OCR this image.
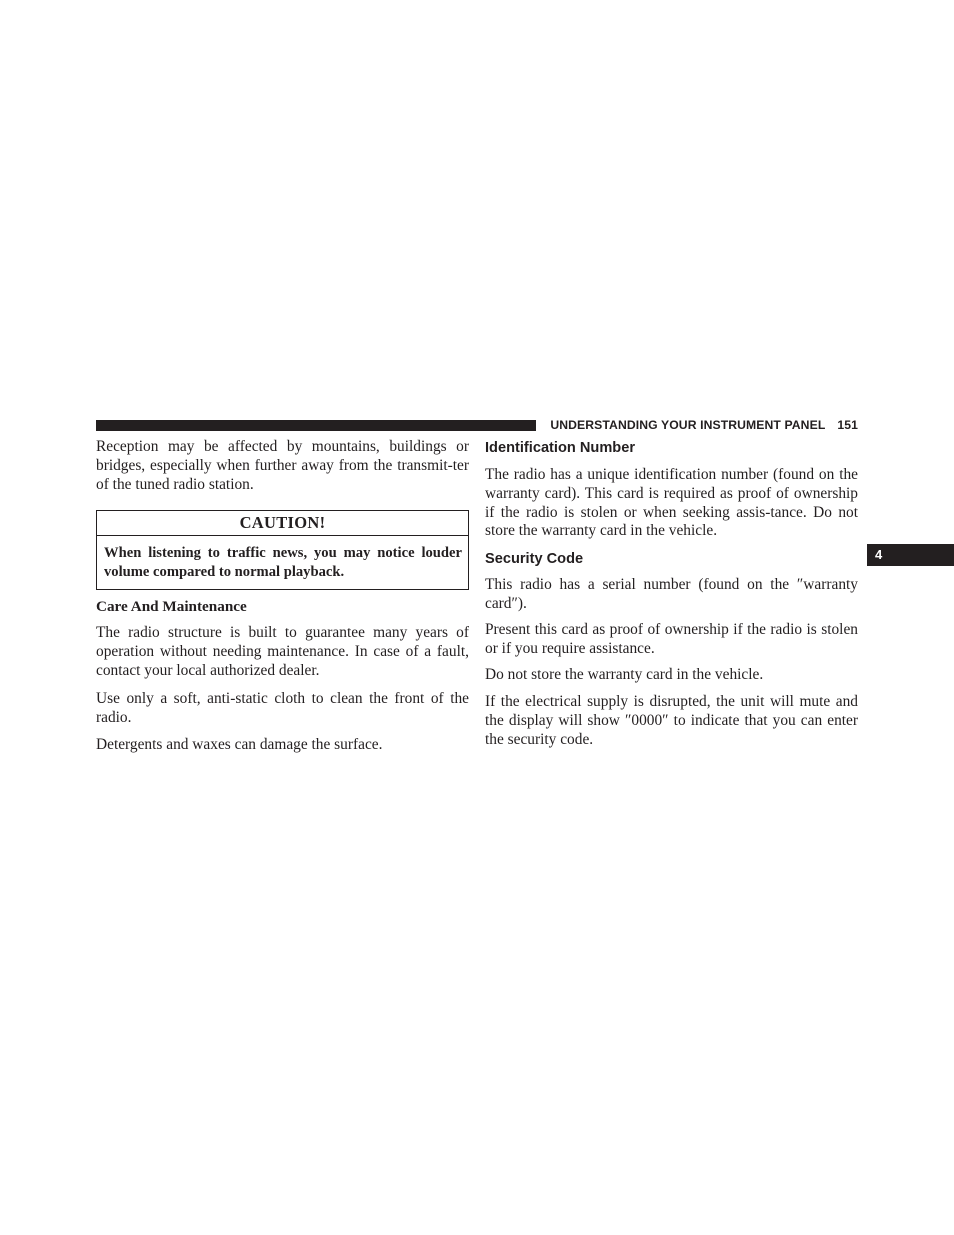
UNDERSTANDING YOUR INSTRUMENT PANEL 151
4

Reception may be affected by mountains, buildings or bridges, especially when further away from the transmit-ter of the tuned radio station.

CAUTION!
When listening to traffic news, you may notice louder volume compared to normal playback.
Care And Maintenance

The radio structure is built to guarantee many years of operation without needing maintenance. In case of a fault, contact your local authorized dealer.

Use only a soft, anti-static cloth to clean the front of the radio.

Detergents and waxes can damage the surface.

Identification Number

The radio has a unique identification number (found on the warranty card). This card is required as proof of ownership if the radio is stolen or when seeking assis-tance. Do not store the warranty card in the vehicle.

Security Code

This radio has a serial number (found on the ″warranty card″).

Present this card as proof of ownership if the radio is stolen or if you require assistance.

Do not store the warranty card in the vehicle.

If the electrical supply is disrupted, the unit will mute and the display will show ″0000″ to indicate that you can enter the security code.
